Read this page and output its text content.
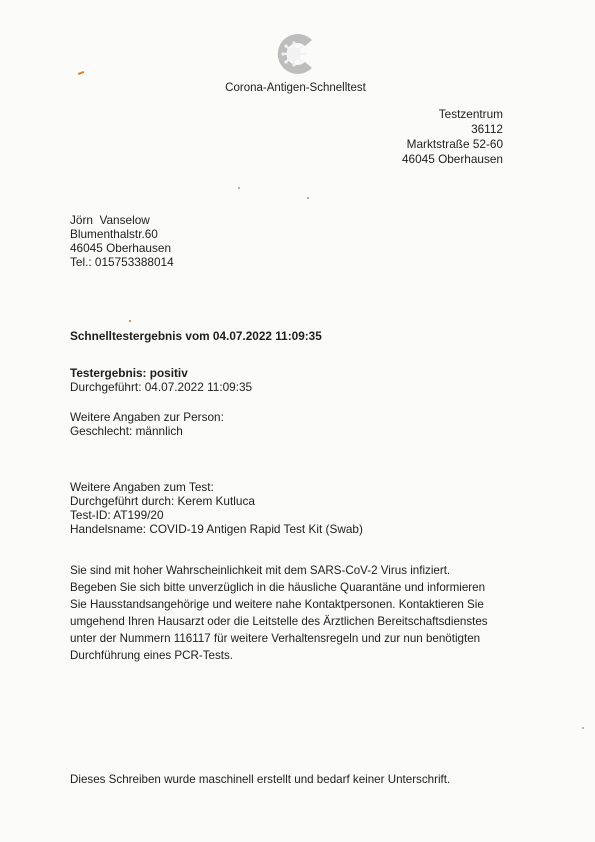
Corona-Antigen-Schnelltest
Testzentrum
36112
Marktstraße 52-60
46045 Oberhausen
Jörn  Vanselow
Blumenthalstr.60
46045 Oberhausen
Tel.: 015753388014
Schnelltestergebnis vom 04.07.2022 11:09:35
Testergebnis: positiv
Durchgeführt: 04.07.2022 11:09:35
Weitere Angaben zur Person:
Geschlecht: männlich
Weitere Angaben zum Test:
Durchgeführt durch: Kerem Kutluca
Test-ID: AT199/20
Handelsname: COVID-19 Antigen Rapid Test Kit (Swab)
Sie sind mit hoher Wahrscheinlichkeit mit dem SARS-CoV-2 Virus infiziert.
Begeben Sie sich bitte unverzüglich in die häusliche Quarantäne und informieren
Sie Hausstandsangehörige und weitere nahe Kontaktpersonen. Kontaktieren Sie
umgehend Ihren Hausarzt oder die Leitstelle des Ärztlichen Bereitschaftsdienstes
unter der Nummern 116117 für weitere Verhaltensregeln und zur nun benötigten
Durchführung eines PCR-Tests.
Dieses Schreiben wurde maschinell erstellt und bedarf keiner Unterschrift.
